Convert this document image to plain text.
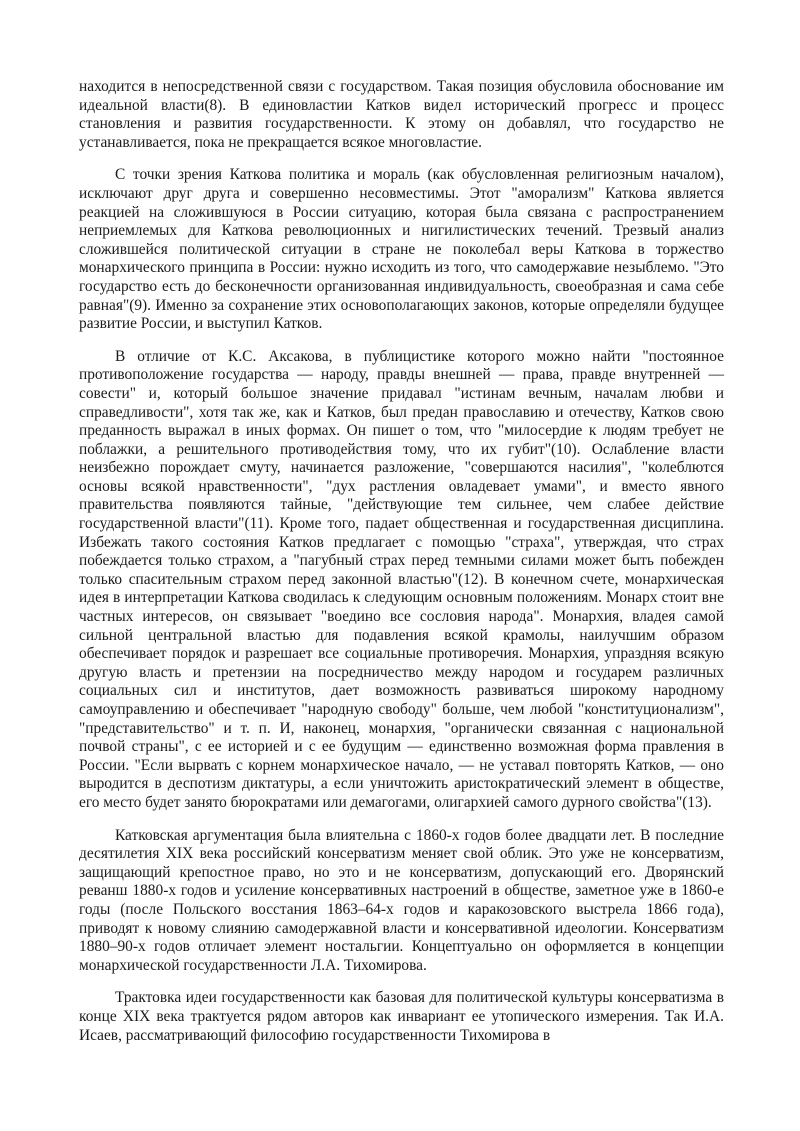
находится в непосредственной связи с государством. Такая позиция обусловила обоснование им идеальной власти(8). В единовластии Катков видел исторический прогресс и процесс становления и развития государственности. К этому он добавлял, что государство не устанавливается, пока не прекращается всякое многовластие.

С точки зрения Каткова политика и мораль (как обусловленная религиозным началом), исключают друг друга и совершенно несовместимы. Этот "аморализм" Каткова является реакцией на сложившуюся в России ситуацию, которая была связана с распространением неприемлемых для Каткова революционных и нигилистических течений. Трезвый анализ сложившейся политической ситуации в стране не поколебал веры Каткова в торжество монархического принципа в России: нужно исходить из того, что самодержавие незыблемо. "Это государство есть до бесконечности организованная индивидуальность, своеобразная и сама себе равная"(9). Именно за сохранение этих основополагающих законов, которые определяли будущее развитие России, и выступил Катков.

В отличие от К.С. Аксакова, в публицистике которого можно найти "постоянное противоположение государства — народу, правды внешней — права, правде внутренней — совести" и, который большое значение придавал "истинам вечным, началам любви и справедливости", хотя так же, как и Катков, был предан православию и отечеству, Катков свою преданность выражал в иных формах. Он пишет о том, что "милосердие к людям требует не поблажки, а решительного противодействия тому, что их губит"(10). Ослабление власти неизбежно порождает смуту, начинается разложение, "совершаются насилия", "колеблются основы всякой нравственности", "дух растления овладевает умами", и вместо явного правительства появляются тайные, "действующие тем сильнее, чем слабее действие государственной власти"(11). Кроме того, падает общественная и государственная дисциплина. Избежать такого состояния Катков предлагает с помощью "страха", утверждая, что страх побеждается только страхом, а "пагубный страх перед темными силами может быть побежден только спасительным страхом перед законной властью"(12). В конечном счете, монархическая идея в интерпретации Каткова сводилась к следующим основным положениям. Монарх стоит вне частных интересов, он связывает "воедино все сословия народа". Монархия, владея самой сильной центральной властью для подавления всякой крамолы, наилучшим образом обеспечивает порядок и разрешает все социальные противоречия. Монархия, упраздняя всякую другую власть и претензии на посредничество между народом и государем различных социальных сил и институтов, дает возможность развиваться широкому народному самоуправлению и обеспечивает "народную свободу" больше, чем любой "конституционализм", "представительство" и т. п. И, наконец, монархия, "органически связанная с национальной почвой страны", с ее историей и с ее будущим — единственно возможная форма правления в России. "Если вырвать с корнем монархическое начало, — не уставал повторять Катков, — оно выродится в деспотизм диктатуры, а если уничтожить аристократический элемент в обществе, его место будет занято бюрократами или демагогами, олигархией самого дурного свойства"(13).

Катковская аргументация была влиятельна с 1860-х годов более двадцати лет. В последние десятилетия XIX века российский консерватизм меняет свой облик. Это уже не консерватизм, защищающий крепостное право, но это и не консерватизм, допускающий его. Дворянский реванш 1880-х годов и усиление консервативных настроений в обществе, заметное уже в 1860-е годы (после Польского восстания 1863–64-х годов и каракозовского выстрела 1866 года), приводят к новому слиянию самодержавной власти и консервативной идеологии. Консерватизм 1880–90-х годов отличает элемент ностальгии. Концептуально он оформляется в концепции монархической государственности Л.А. Тихомирова.

Трактовка идеи государственности как базовая для политической культуры консерватизма в конце XIX века трактуется рядом авторов как инвариант ее утопического измерения. Так И.А. Исаев, рассматривающий философию государственности Тихомирова в
